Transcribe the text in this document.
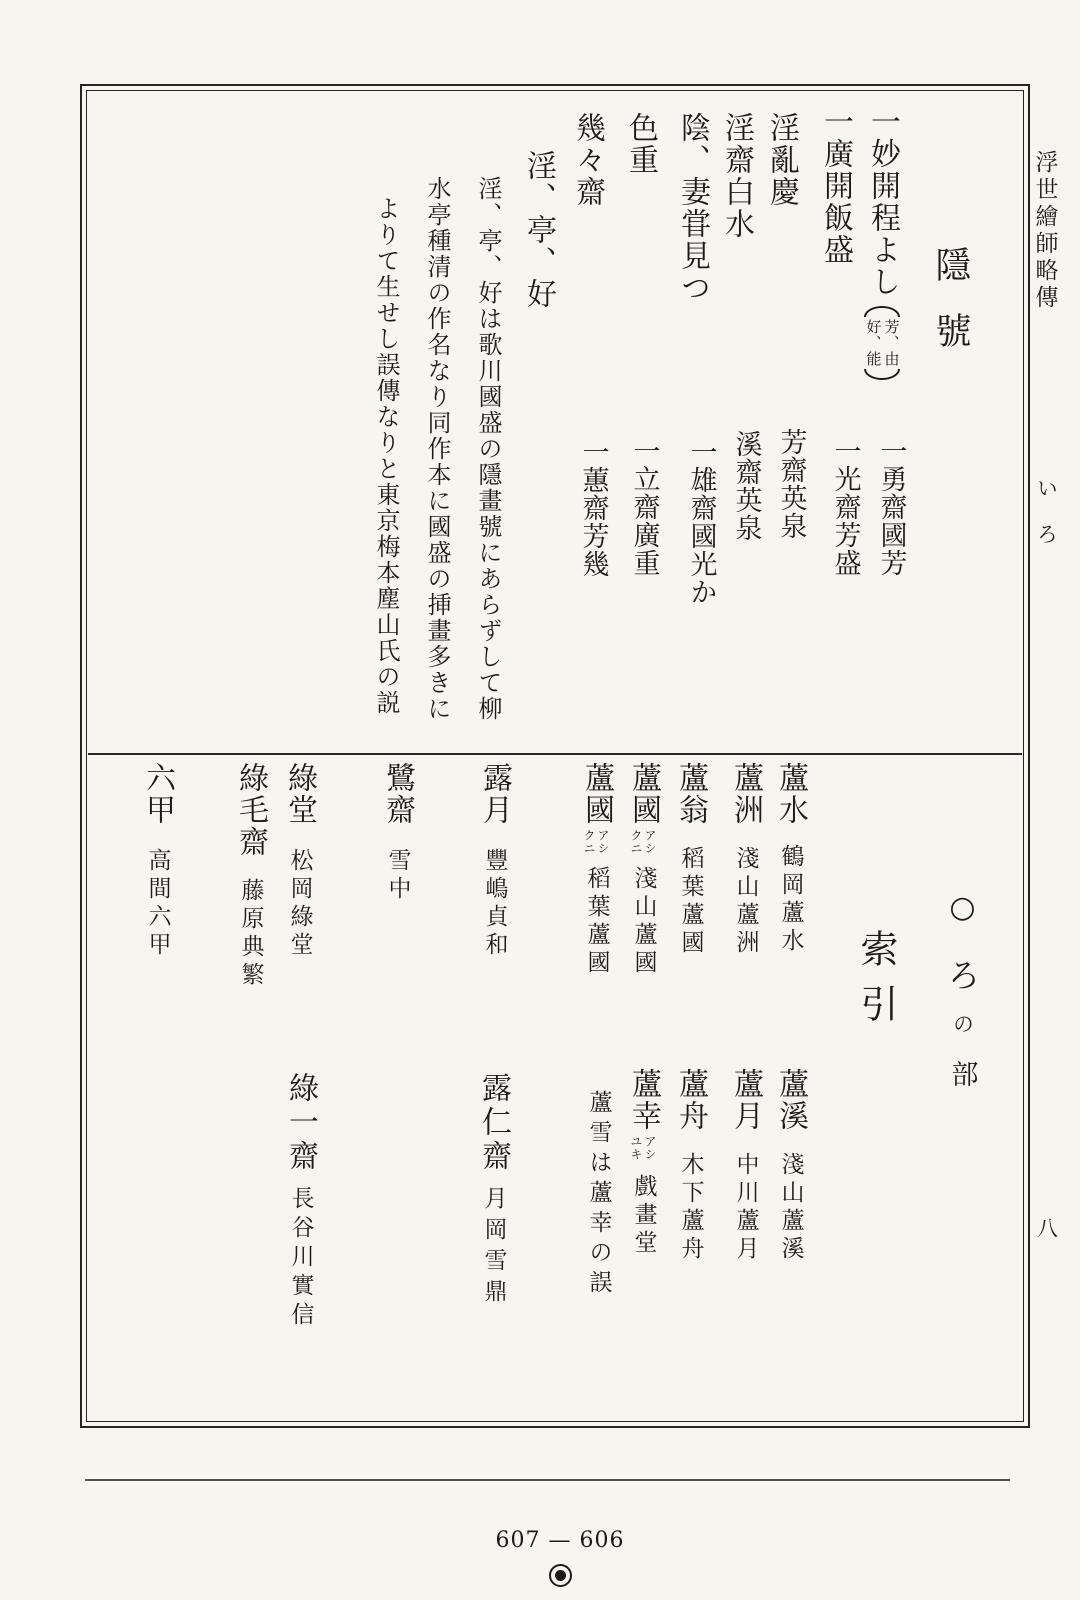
浮世繪師略傳
い
ろ
八
隱號
一妙開程よし
芳、由
好、能
一勇齋國芳
一廣開飯盛
一光齋芳盛
淫亂慶
芳齋英泉
淫齋白水
溪齋英泉
陰、妻甞見つ
一雄齋國光か
色重
一立齋廣重
幾々齋
一蕙齋芳幾
淫、亭、好
淫、亭、好は歌川國盛の隱畫號にあらずして柳
水亭種清の作名なり同作本に國盛の挿畫多きに
よりて生せし誤傳なりと東京梅本塵山氏の説
○
ろ
の
部
索引
蘆水
鶴岡蘆水
蘆洲
淺山蘆洲
蘆翁
稻葉蘆國
蘆國
アシ
クニ
淺山蘆國
蘆國
アシ
クニ
稻葉蘆國
露月
豐嶋貞和
鷺齋
雪中
綠堂
松岡綠堂
綠毛齋
藤原典繁
六甲
高間六甲
蘆溪
淺山蘆溪
蘆月
中川蘆月
蘆舟
木下蘆舟
蘆幸
アシ
ユキ
戲畫堂
蘆雪は蘆幸の誤
露仁齋
月岡雪鼎
綠一齋
長谷川實信
607 — 606
